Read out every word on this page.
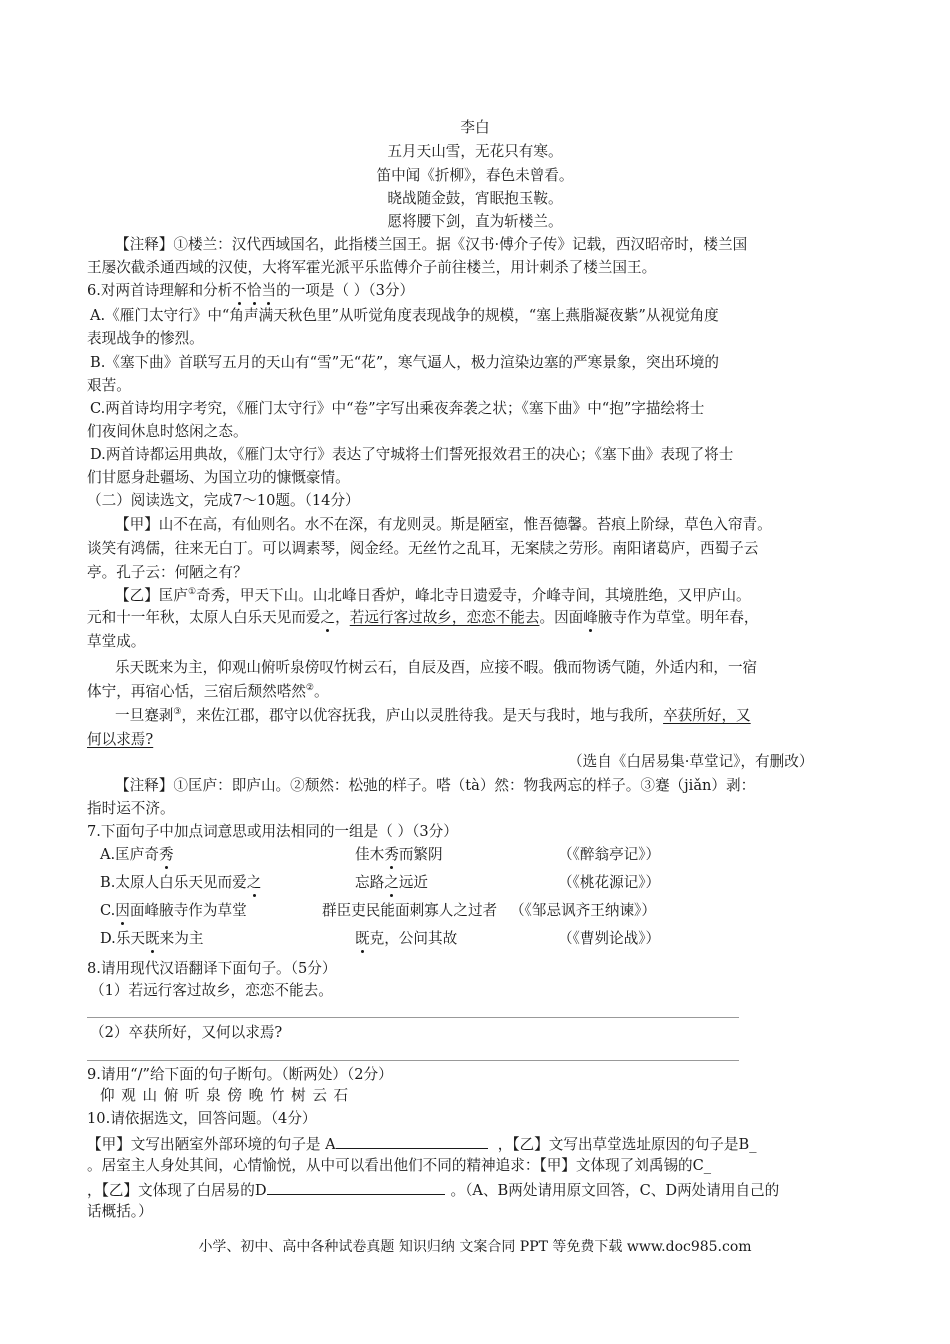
李白
五月天山雪，无花只有寒。
笛中闻《折柳》，春色未曾看。
晓战随金鼓，宵眠抱玉鞍。
愿将腰下剑，直为斩楼兰。
【注释】①楼兰：汉代西域国名，此指楼兰国王。据《汉书·傅介子传》记载，西汉昭帝时，楼兰国
王屡次截杀通西域的汉使，大将军霍光派平乐监傅介子前往楼兰，用计刺杀了楼兰国王。
6.对两首诗理解和分析不恰当的一项是（ ）（3分）
A.《雁门太守行》中“角声满天秋色里”从听觉角度表现战争的规模，“塞上燕脂凝夜紫”从视觉角度
表现战争的惨烈。
B.《塞下曲》首联写五月的天山有“雪”无“花”，寒气逼人，极力渲染边塞的严寒景象，突出环境的
艰苦。
C.两首诗均用字考究，《雁门太守行》中“卷”字写出乘夜奔袭之状；《塞下曲》中“抱”字描绘将士
们夜间休息时悠闲之态。
D.两首诗都运用典故，《雁门太守行》表达了守城将士们誓死报效君王的决心；《塞下曲》表现了将士
们甘愿身赴疆场、为国立功的慷慨豪情。
（二）阅读选文，完成7～10题。（14分）
【甲】山不在高，有仙则名。水不在深，有龙则灵。斯是陋室，惟吾德馨。苔痕上阶绿，草色入帘青。
谈笑有鸿儒，往来无白丁。可以调素琴，阅金经。无丝竹之乱耳，无案牍之劳形。南阳诸葛庐，西蜀子云
亭。孔子云：何陋之有？
【乙】匡庐①奇秀，甲天下山。山北峰日香炉，峰北寺日遗爱寺，介峰寺间，其境胜绝，又甲庐山。
元和十一年秋，太原人白乐天见而爱之，若远行客过故乡，恋恋不能去。因面峰腋寺作为草堂。明年春，
草堂成。
乐天既来为主，仰观山俯听泉傍叹竹树云石，自辰及酉，应接不暇。俄而物诱气随，外适内和，一宿
体宁，再宿心恬，三宿后颓然嗒然②。
一旦蹇剥③，来佐江郡，郡守以优容抚我，庐山以灵胜待我。是天与我时，地与我所，卒获所好，又
何以求焉?
（选自《白居易集·草堂记》，有删改）
【注释】①匡庐：即庐山。②颓然：松弛的样子。嗒（tà）然：物我两忘的样子。③蹇（jiǎn）剥：
指时运不济。
7.下面句子中加点词意思或用法相同的一组是（ ）（3分）
A.匡庐奇秀	佳木秀而繁阴	（《醉翁亭记》）
B.太原人白乐天见而爱之	忘路之远近	（《桃花源记》）
C.因面峰腋寺作为草堂	群臣吏民能面刺寡人之过者 （《邹忌讽齐王纳谏》）
D.乐天既来为主	既克，公问其故	（《曹刿论战》）
8.请用现代汉语翻译下面句子。（5分）
（1）若远行客过故乡，恋恋不能去。
（2）卒获所好，又何以求焉?
9.请用“/”给下面的句子断句。（断两处）（2分）
仰 观 山 俯 听 泉 傍 晚 竹 树 云 石
10.请依据选文，回答问题。（4分）
【甲】文写出陋室外部环境的句子是 A	，【乙】文写出草堂选址原因的句子是B_
。居室主人身处其间，心情愉悦，从中可以看出他们不同的精神追求：【甲】文体现了刘禹锡的C_
，【乙】文体现了白居易的D	。（A、B两处请用原文回答，C、D两处请用自己的
话概括。）
小学、初中、高中各种试卷真题 知识归纳 文案合同 PPT 等免费下载 www.doc985.com
